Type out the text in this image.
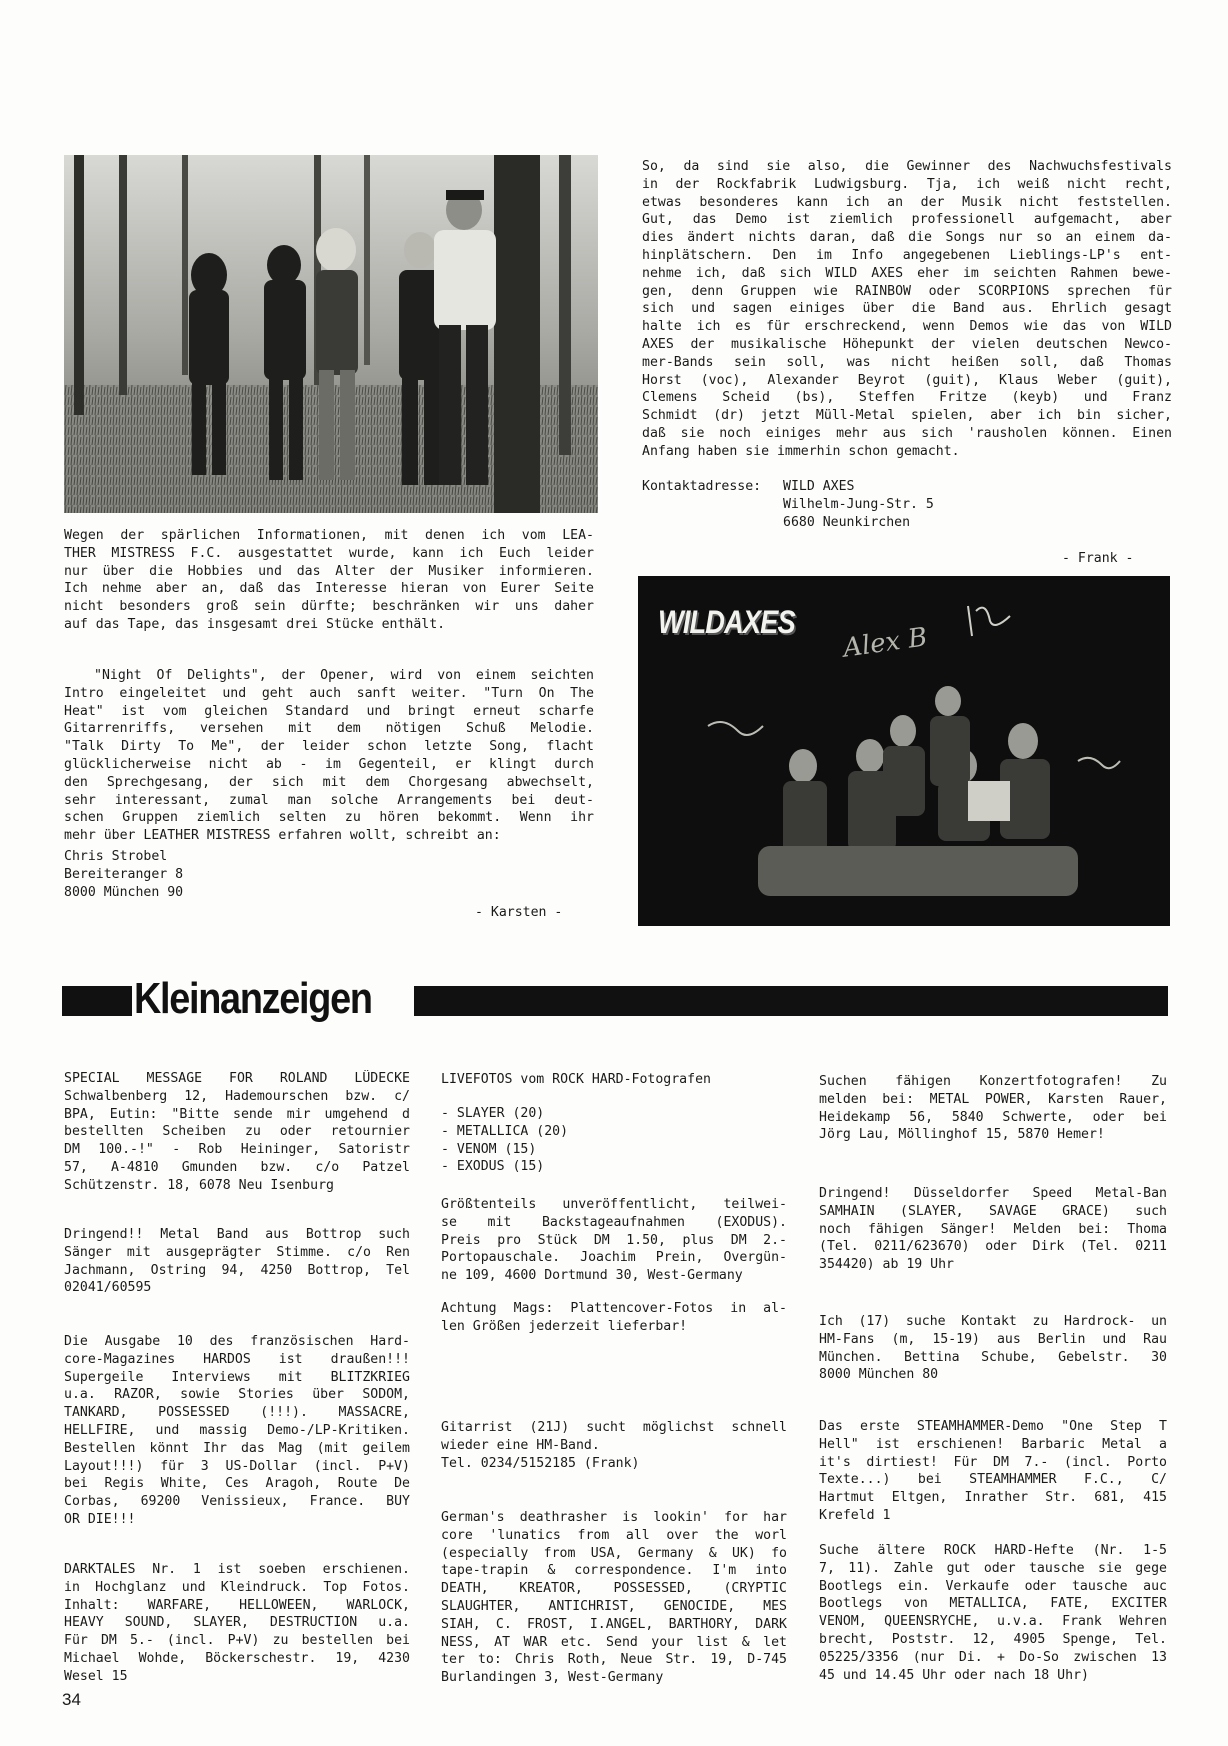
Wegen der spärlichen Informationen, mit denen ich vom LEA-
THER MISTRESS F.C. ausgestattet wurde, kann ich Euch leider
nur über die Hobbies und das Alter der Musiker informieren.
Ich nehme aber an, daß das Interesse hieran von Eurer Seite
nicht besonders groß sein dürfte; beschränken wir uns daher
auf das Tape, das insgesamt drei Stücke enthält.
"Night Of Delights", der Opener, wird von einem seichten
Intro eingeleitet und geht auch sanft weiter. "Turn On The
Heat" ist vom gleichen Standard und bringt erneut scharfe
Gitarrenriffs, versehen mit dem nötigen Schuß Melodie.
"Talk Dirty To Me", der leider schon letzte Song, flacht
glücklicherweise nicht ab - im Gegenteil, er klingt durch
den Sprechgesang, der sich mit dem Chorgesang abwechselt,
sehr interessant, zumal man solche Arrangements bei deut-
schen Gruppen ziemlich selten zu hören bekommt. Wenn ihr
mehr über LEATHER MISTRESS erfahren wollt, schreibt an:
Chris Strobel
Bereiteranger 8
8000 München 90
- Karsten -
So, da sind sie also, die Gewinner des Nachwuchsfestivals
in der Rockfabrik Ludwigsburg. Tja, ich weiß nicht recht,
etwas besonderes kann ich an der Musik nicht feststellen.
Gut, das Demo ist ziemlich professionell aufgemacht, aber
dies ändert nichts daran, daß die Songs nur so an einem da-
hinplätschern. Den im Info angegebenen Lieblings-LP's ent-
nehme ich, daß sich WILD AXES eher im seichten Rahmen bewe-
gen, denn Gruppen wie RAINBOW oder SCORPIONS sprechen für
sich und sagen einiges über die Band aus. Ehrlich gesagt
halte ich es für erschreckend, wenn Demos wie das von WILD
AXES der musikalische Höhepunkt der vielen deutschen Newco-
mer-Bands sein soll, was nicht heißen soll, daß Thomas
Horst (voc), Alexander Beyrot (guit), Klaus Weber (guit),
Clemens Scheid (bs), Steffen Fritze (keyb) und Franz
Schmidt (dr) jetzt Müll-Metal spielen, aber ich bin sicher,
daß sie noch einiges mehr aus sich 'rausholen können. Einen
Anfang haben sie immerhin schon gemacht.
Kontaktadresse: WILD AXES
Wilhelm-Jung-Str. 5
6680 Neunkirchen
- Frank -
WILDAXES
Alex B
Kleinanzeigen
SPECIAL MESSAGE FOR ROLAND LÜDECKE
Schwalbenberg 12, Hademourschen bzw. c/
BPA, Eutin: "Bitte sende mir umgehend d
bestellten Scheiben zu oder retournier
DM 100.-!" - Rob Heininger, Satoristr
57, A-4810 Gmunden bzw. c/o Patzel
Schützenstr. 18, 6078 Neu Isenburg
Dringend!! Metal Band aus Bottrop such
Sänger mit ausgeprägter Stimme. c/o Ren
Jachmann, Ostring 94, 4250 Bottrop, Tel
02041/60595
Die Ausgabe 10 des französischen Hard-
core-Magazines HARDOS ist draußen!!!
Supergeile Interviews mit BLITZKRIEG
u.a. RAZOR, sowie Stories über SODOM,
TANKARD, POSSESSED (!!!). MASSACRE,
HELLFIRE, und massig Demo-/LP-Kritiken.
Bestellen könnt Ihr das Mag (mit geilem
Layout!!!) für 3 US-Dollar (incl. P+V)
bei Regis White, Ces Aragoh, Route De
Corbas, 69200 Venissieux, France. BUY
OR DIE!!!
DARKTALES Nr. 1 ist soeben erschienen.
in Hochglanz und Kleindruck. Top Fotos.
Inhalt: WARFARE, HELLOWEEN, WARLOCK,
HEAVY SOUND, SLAYER, DESTRUCTION u.a.
Für DM 5.- (incl. P+V) zu bestellen bei
Michael Wohde, Böckerschestr. 19, 4230
Wesel 15
LIVEFOTOS vom ROCK HARD-Fotografen
- SLAYER (20)
- METALLICA (20)
- VENOM (15)
- EXODUS (15)
Größtenteils unveröffentlicht, teilwei-
se mit Backstageaufnahmen (EXODUS).
Preis pro Stück DM 1.50, plus DM 2.-
Portopauschale. Joachim Prein, Overgün-
ne 109, 4600 Dortmund 30, West-Germany
Achtung Mags: Plattencover-Fotos in al-
len Größen jederzeit lieferbar!
Gitarrist (21J) sucht möglichst schnell
wieder eine HM-Band.
Tel. 0234/5152185 (Frank)
German's deathrasher is lookin' for har
core 'lunatics from all over the worl
(especially from USA, Germany & UK) fo
tape-trapin & correspondence. I'm into
DEATH, KREATOR, POSSESSED, (CRYPTIC
SLAUGHTER, ANTICHRIST, GENOCIDE, MES
SIAH, C. FROST, I.ANGEL, BARTHORY, DARK
NESS, AT WAR etc. Send your list & let
ter to: Chris Roth, Neue Str. 19, D-745
Burlandingen 3, West-Germany
Suchen fähigen Konzertfotografen! Zu
melden bei: METAL POWER, Karsten Rauer,
Heidekamp 56, 5840 Schwerte, oder bei
Jörg Lau, Möllinghof 15, 5870 Hemer!
Dringend! Düsseldorfer Speed Metal-Ban
SAMHAIN (SLAYER, SAVAGE GRACE) such
noch fähigen Sänger! Melden bei: Thoma
(Tel. 0211/623670) oder Dirk (Tel. 0211
354420) ab 19 Uhr
Ich (17) suche Kontakt zu Hardrock- un
HM-Fans (m, 15-19) aus Berlin und Rau
München. Bettina Schube, Gebelstr. 30
8000 München 80
Das erste STEAMHAMMER-Demo "One Step T
Hell" ist erschienen! Barbaric Metal a
it's dirtiest! Für DM 7.- (incl. Porto
Texte...) bei STEAMHAMMER F.C., C/
Hartmut Eltgen, Inrather Str. 681, 415
Krefeld 1
Suche ältere ROCK HARD-Hefte (Nr. 1-5
7, 11). Zahle gut oder tausche sie gege
Bootlegs ein. Verkaufe oder tausche auc
Bootlegs von METALLICA, FATE, EXCITER
VENOM, QUEENSRYCHE, u.v.a. Frank Wehren
brecht, Poststr. 12, 4905 Spenge, Tel.
05225/3356 (nur Di. + Do-So zwischen 13
45 und 14.45 Uhr oder nach 18 Uhr)
34
